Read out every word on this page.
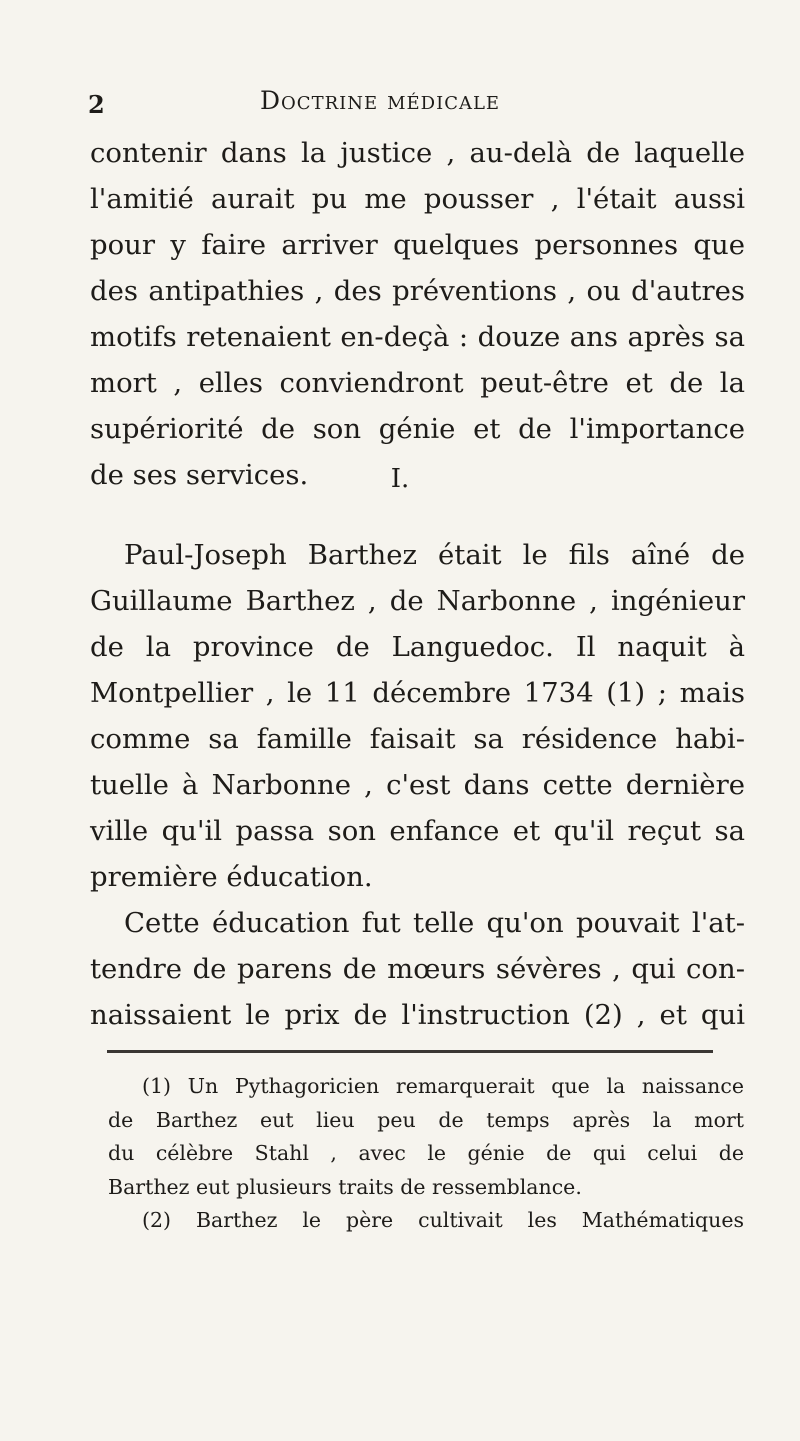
2	Doctrine médicale
contenir dans la justice , au-delà de laquelle
l'amitié aurait pu me pousser , l'était aussi
pour y faire arriver quelques personnes que
des antipathies , des préventions , ou d'autres
motifs retenaient en-deçà : douze ans après sa
mort , elles conviendront peut-être et de la
supériorité de son génie et de l'importance
de ses services.	I.
Paul-Joseph Barthez était le fils aîné de
Guillaume Barthez , de Narbonne , ingénieur
de la province de Languedoc. Il naquit à
Montpellier , le 11 décembre 1734 (1) ; mais
comme sa famille faisait sa résidence habi-
tuelle à Narbonne , c'est dans cette dernière
ville qu'il passa son enfance et qu'il reçut sa
première éducation.
Cette éducation fut telle qu'on pouvait l'at-
tendre de parens de mœurs sévères , qui con-
naissaient le prix de l'instruction (2) , et qui
(1) Un Pythagoricien remarquerait que la naissance
de Barthez eut lieu peu de temps après la mort
du célèbre Stahl , avec le génie de qui celui de
Barthez eut plusieurs traits de ressemblance.
(2) Barthez le père cultivait les Mathématiques
